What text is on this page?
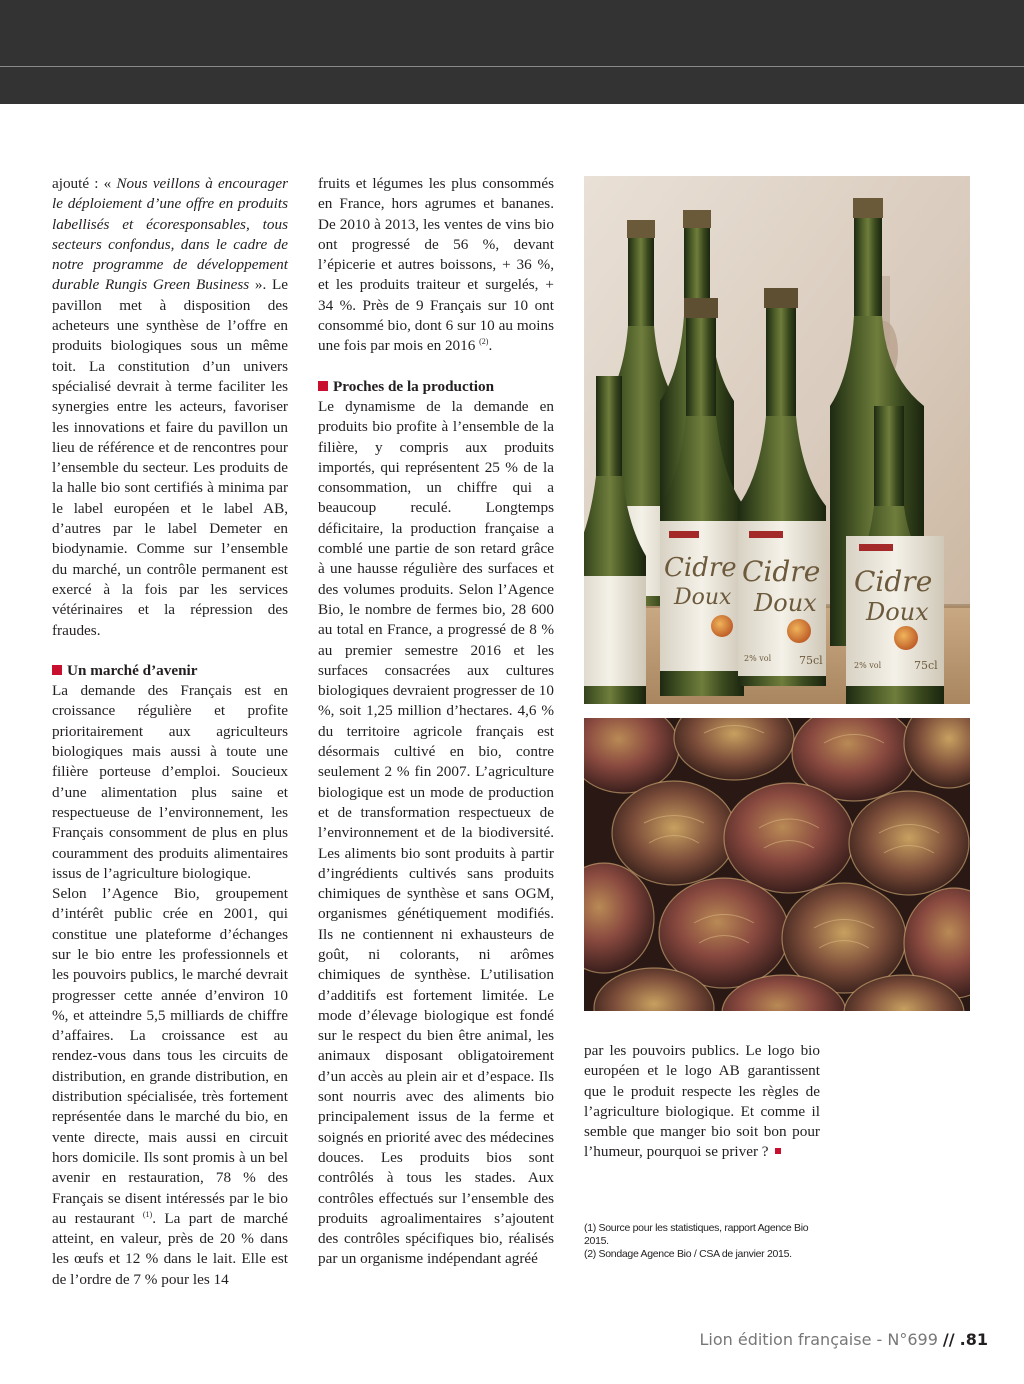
ajouté : « Nous veillons à encourager le déploiement d’une offre en produits labellisés et écoresponsables, tous secteurs confondus, dans le cadre de notre programme de développement durable Rungis Green Business ». Le pavillon met à disposition des acheteurs une synthèse de l’offre en produits biologiques sous un même toit. La constitution d’un univers spécialisé devrait à terme faciliter les synergies entre les acteurs, favoriser les innovations et faire du pavillon un lieu de référence et de rencontres pour l’ensemble du secteur. Les produits de la halle bio sont certifiés à minima par le label européen et le label AB, d’autres par le label Demeter en biodynamie. Comme sur l’ensemble du marché, un contrôle permanent est exercé à la fois par les services vétérinaires et la répression des fraudes.

Un marché d’avenir

La demande des Français est en croissance régulière et profite prioritairement aux agriculteurs biologiques mais aussi à toute une filière porteuse d’emploi. Soucieux d’une alimentation plus saine et respectueuse de l’environnement, les Français consomment de plus en plus couramment des produits alimentaires issus de l’agriculture biologique.

Selon l’Agence Bio, groupement d’intérêt public crée en 2001, qui constitue une plateforme d’échanges sur le bio entre les professionnels et les pouvoirs publics, le marché devrait progresser cette année d’environ 10 %, et atteindre 5,5 milliards de chiffre d’affaires. La croissance est au rendez-vous dans tous les circuits de distribution, en grande distribution, en distribution spécialisée, très fortement représentée dans le marché du bio, en vente directe, mais aussi en circuit hors domicile. Ils sont promis à un bel avenir en restauration, 78 % des Français se disent intéressés par le bio au restaurant $^{(1)}$. La part de marché atteint, en valeur, près de 20 % dans les œufs et 12 % dans le lait. Elle est de l’ordre de 7 % pour les 14

fruits et légumes les plus consommés en France, hors agrumes et bananes. De 2010 à 2013, les ventes de vins bio ont progressé de 56 %, devant l’épicerie et autres boissons, + 36 %, et les produits traiteur et surgelés, + 34 %. Près de 9 Français sur 10 ont consommé bio, dont 6 sur 10 au moins une fois par mois en 2016 $^{(2)}$.

Proches de la production

Le dynamisme de la demande en produits bio profite à l’ensemble de la filière, y compris aux produits importés, qui représentent 25 % de la consommation, un chiffre qui a beaucoup reculé. Longtemps déficitaire, la production française a comblé une partie de son retard grâce à une hausse régulière des surfaces et des volumes produits. Selon l’Agence Bio, le nombre de fermes bio, 28 600 au total en France, a progressé de 8 % au premier semestre 2016 et les surfaces consacrées aux cultures biologiques devraient progresser de 10 %, soit 1,25 million d’hectares. 4,6 % du territoire agricole français est désormais cultivé en bio, contre seulement 2 % fin 2007. L’agriculture biologique est un mode de production et de transformation respectueux de l’environnement et de la biodiversité. Les aliments bio sont produits à partir d’ingrédients cultivés sans produits chimiques de synthèse et sans OGM, organismes génétiquement modifiés. Ils ne contiennent ni exhausteurs de goût, ni colorants, ni arômes chimiques de synthèse. L’utilisation d’additifs est fortement limitée. Le mode d’élevage biologique est fondé sur le respect du bien être animal, les animaux disposant obligatoirement d’un accès au plein air et d’espace. Ils sont nourris avec des aliments bio principalement issus de la ferme et soignés en priorité avec des médecines douces. Les produits bios sont contrôlés à tous les stades. Aux contrôles effectués sur l’ensemble des produits agroalimentaires s’ajoutent des contrôles spécifiques bio, réalisés par un organisme indépendant agréé

Cidre
Doux
Cidre
Doux
2% vol	75cl
Cidre
Doux
2% vol	75cl

par les pouvoirs publics. Le logo bio européen et le logo AB garantissent que le produit respecte les règles de l’agriculture biologique. Et comme il semble que manger bio soit bon pour l’humeur, pourquoi se priver ?

(1) Source pour les statistiques, rapport Agence Bio 2015.

(2) Sondage Agence Bio / CSA de janvier 2015.

Lion édition française - N°699 // .81
